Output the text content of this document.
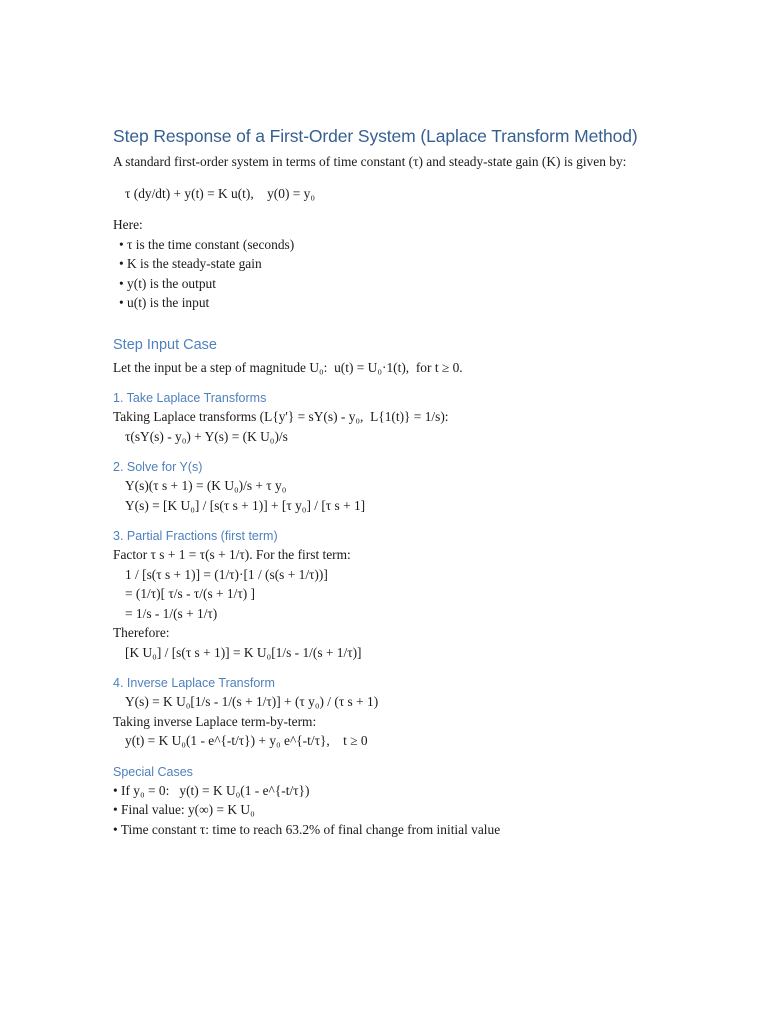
Step Response of a First-Order System (Laplace Transform Method)
A standard first-order system in terms of time constant (τ) and steady-state gain (K) is given by:
τ (dy/dt) + y(t) = K u(t),    y(0) = y₀
Here:
• τ is the time constant (seconds)
• K is the steady-state gain
• y(t) is the output
• u(t) is the input
Step Input Case
Let the input be a step of magnitude U₀:  u(t) = U₀·1(t),  for t ≥ 0.
1. Take Laplace Transforms
Taking Laplace transforms (L{y'} = sY(s) - y₀,  L{1(t)} = 1/s):
τ(sY(s) - y₀) + Y(s) = (K U₀)/s
2. Solve for Y(s)
Y(s)(τ s + 1) = (K U₀)/s + τ y₀
Y(s) = [K U₀] / [s(τ s + 1)] + [τ y₀] / [τ s + 1]
3. Partial Fractions (first term)
Factor τ s + 1 = τ(s + 1/τ). For the first term:
1 / [s(τ s + 1)] = (1/τ)·[1 / (s(s + 1/τ))]
= (1/τ)[ τ/s - τ/(s + 1/τ) ]
= 1/s - 1/(s + 1/τ)
Therefore:
[K U₀] / [s(τ s + 1)] = K U₀[1/s - 1/(s + 1/τ)]
4. Inverse Laplace Transform
Y(s) = K U₀[1/s - 1/(s + 1/τ)] + (τ y₀) / (τ s + 1)
Taking inverse Laplace term-by-term:
y(t) = K U₀(1 - e^{-t/τ}) + y₀ e^{-t/τ},    t ≥ 0
Special Cases
• If y₀ = 0:   y(t) = K U₀(1 - e^{-t/τ})
• Final value: y(∞) = K U₀
• Time constant τ: time to reach 63.2% of final change from initial value
